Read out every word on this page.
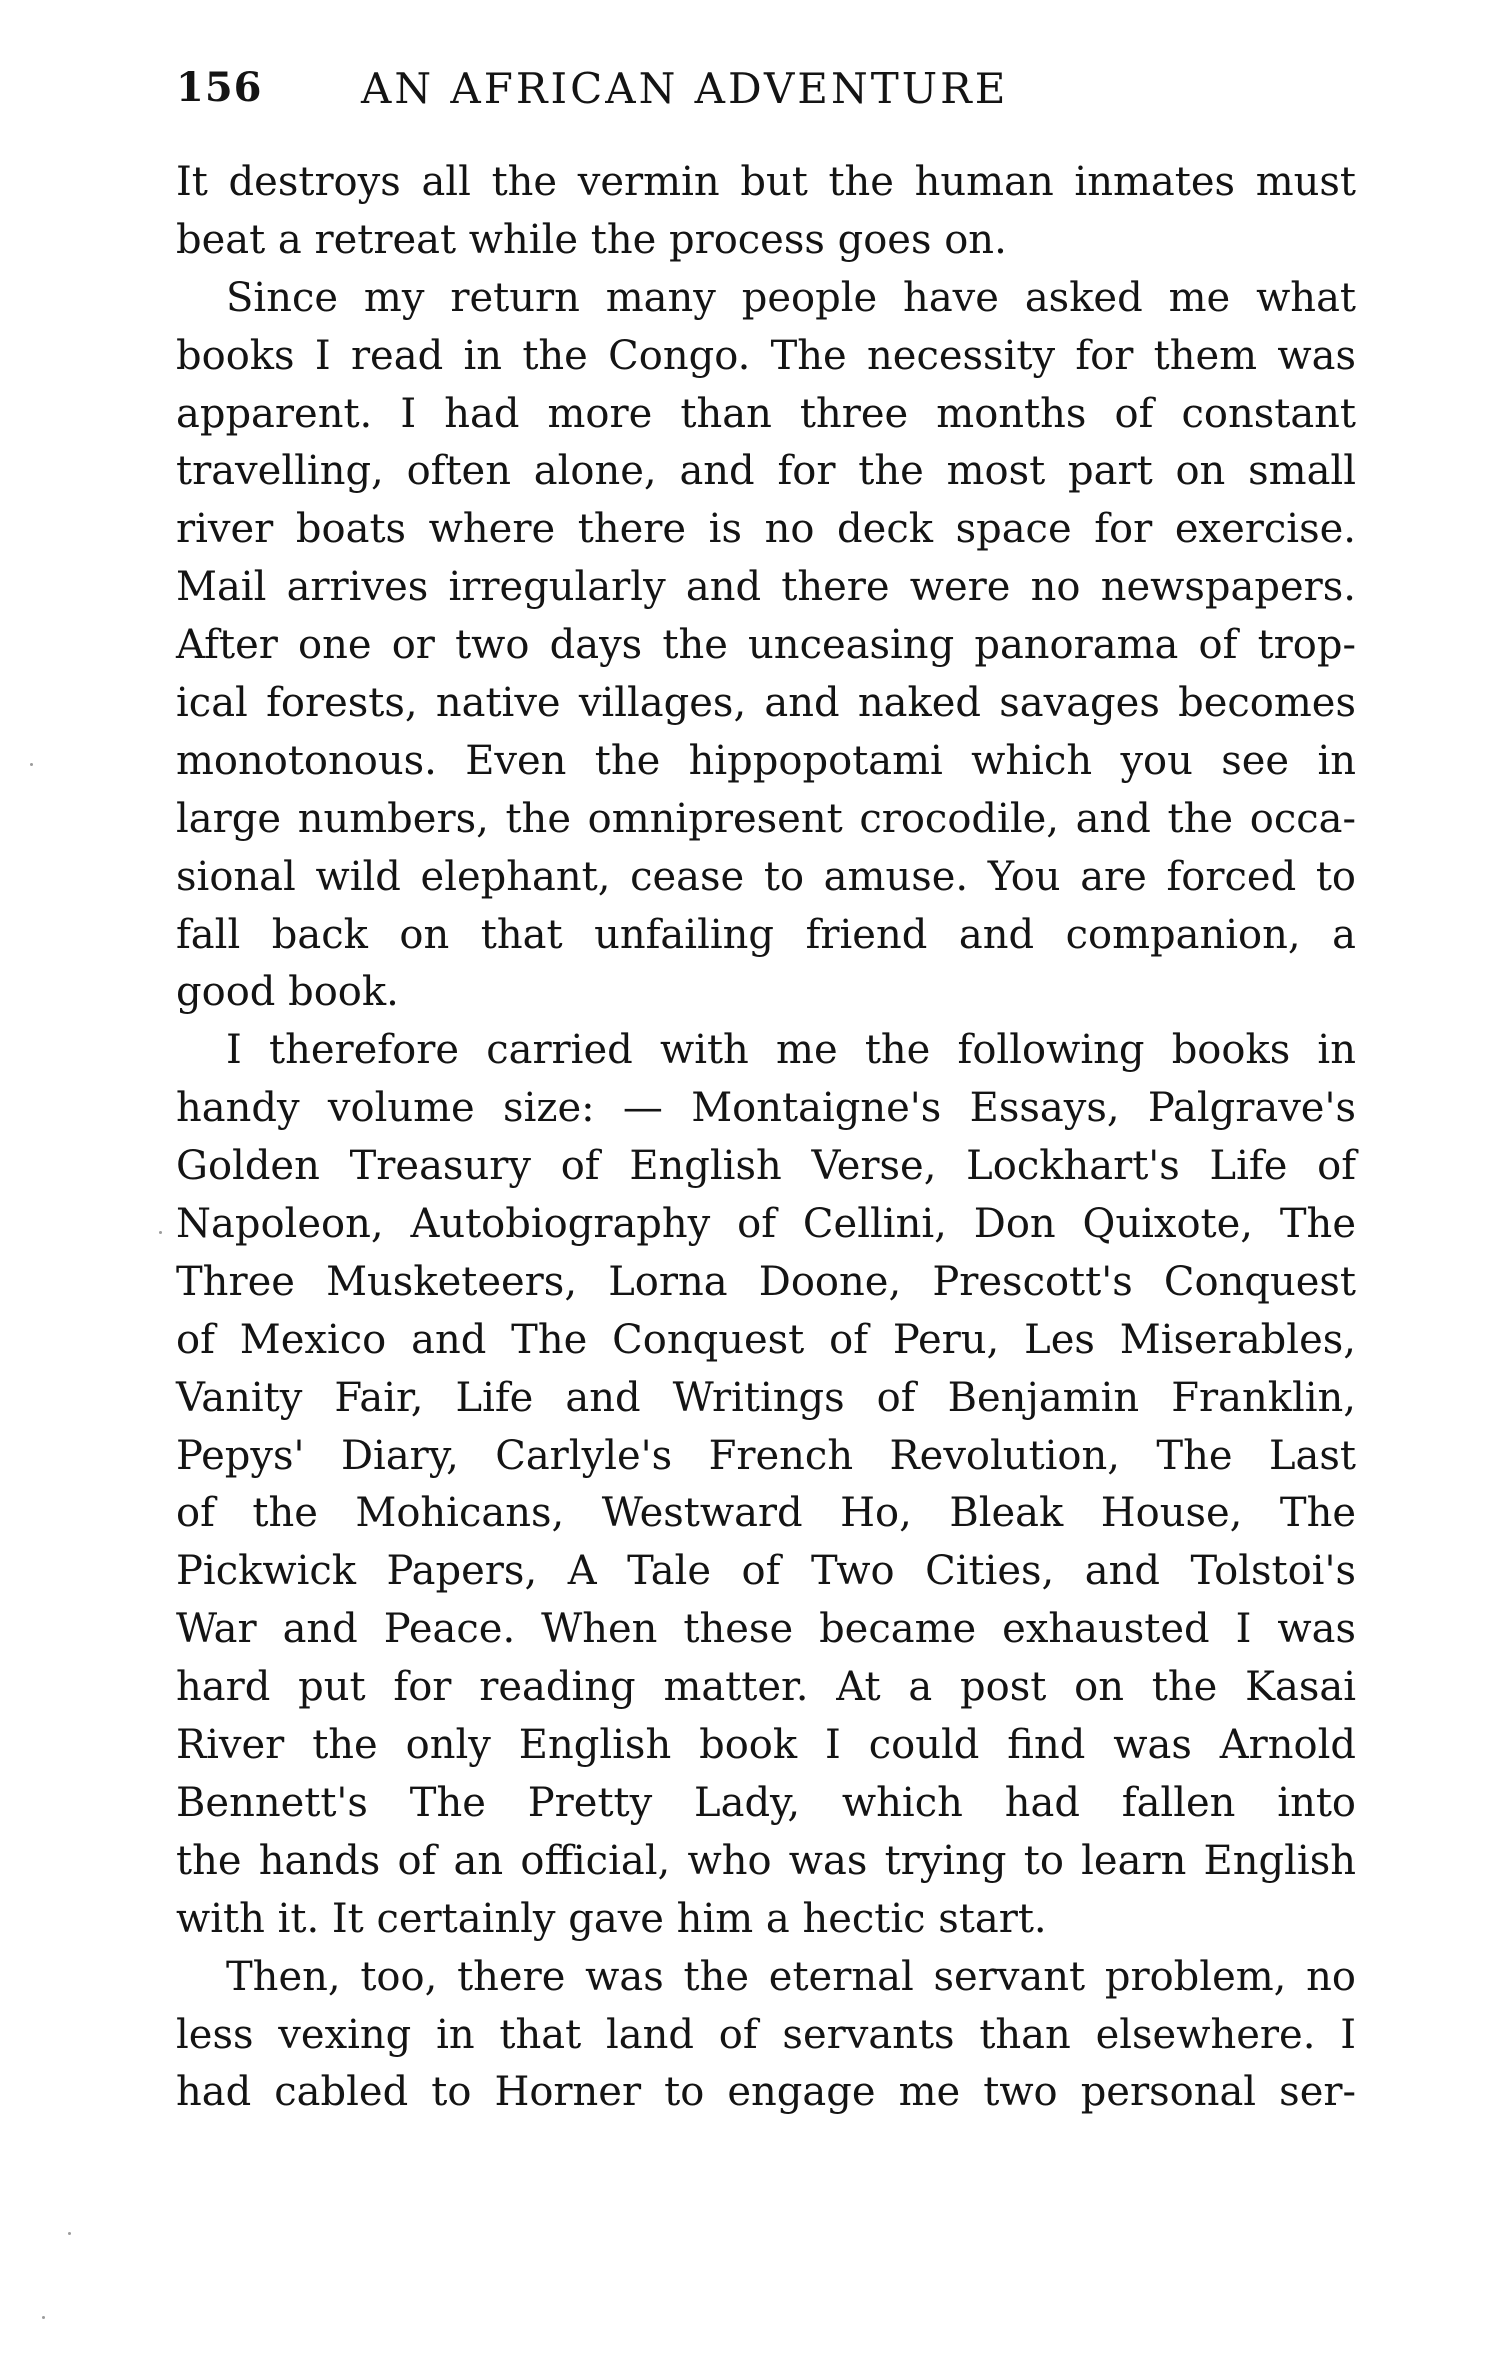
156 AN AFRICAN ADVENTURE
It destroys all the vermin but the human inmates must
beat a retreat while the process goes on.
Since my return many people have asked me what
books I read in the Congo. The necessity for them was
apparent. I had more than three months of constant
travelling, often alone, and for the most part on small
river boats where there is no deck space for exercise.
Mail arrives irregularly and there were no newspapers.
After one or two days the unceasing panorama of trop-
ical forests, native villages, and naked savages becomes
monotonous. Even the hippopotami which you see in
large numbers, the omnipresent crocodile, and the occa-
sional wild elephant, cease to amuse. You are forced to
fall back on that unfailing friend and companion, a
good book.
I therefore carried with me the following books in
handy volume size: — Montaigne's Essays, Palgrave's
Golden Treasury of English Verse, Lockhart's Life of
Napoleon, Autobiography of Cellini, Don Quixote, The
Three Musketeers, Lorna Doone, Prescott's Conquest
of Mexico and The Conquest of Peru, Les Miserables,
Vanity Fair, Life and Writings of Benjamin Franklin,
Pepys' Diary, Carlyle's French Revolution, The Last
of the Mohicans, Westward Ho, Bleak House, The
Pickwick Papers, A Tale of Two Cities, and Tolstoi's
War and Peace. When these became exhausted I was
hard put for reading matter. At a post on the Kasai
River the only English book I could find was Arnold
Bennett's The Pretty Lady, which had fallen into
the hands of an official, who was trying to learn English
with it. It certainly gave him a hectic start.
Then, too, there was the eternal servant problem, no
less vexing in that land of servants than elsewhere. I
had cabled to Horner to engage me two personal ser-
